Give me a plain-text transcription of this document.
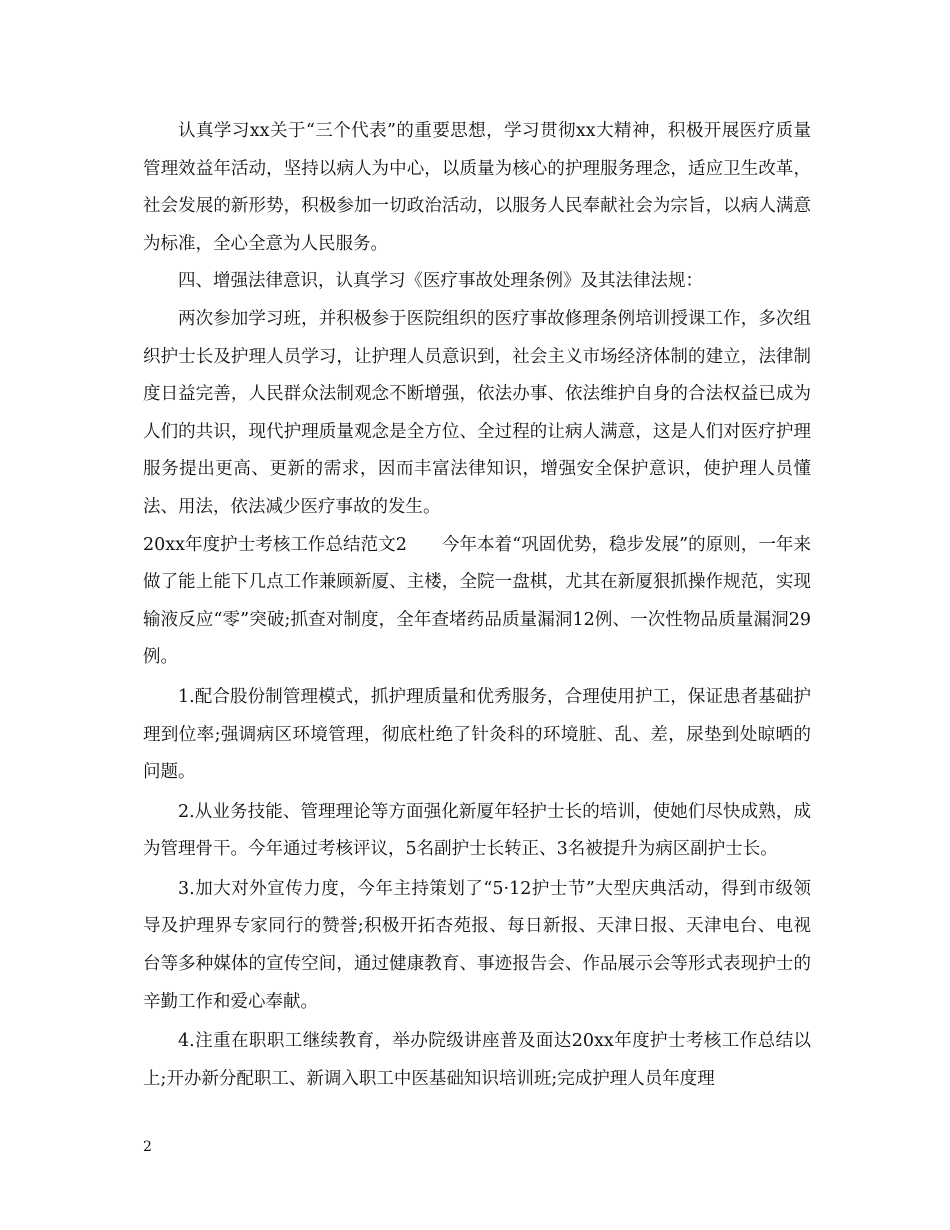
认真学习xx关于“三个代表”的重要思想，学习贯彻xx大精神，积极开展医疗质量管理效益年活动，坚持以病人为中心，以质量为核心的护理服务理念，适应卫生改革，社会发展的新形势，积极参加一切政治活动，以服务人民奉献社会为宗旨，以病人满意为标准，全心全意为人民服务。

四、增强法律意识，认真学习《医疗事故处理条例》及其法律法规：

两次参加学习班，并积极参于医院组织的医疗事故修理条例培训授课工作，多次组织护士长及护理人员学习，让护理人员意识到，社会主义市场经济体制的建立，法律制度日益完善，人民群众法制观念不断增强，依法办事、依法维护自身的合法权益已成为人们的共识，现代护理质量观念是全方位、全过程的让病人满意，这是人们对医疗护理服务提出更高、更新的需求，因而丰富法律知识，增强安全保护意识，使护理人员懂法、用法，依法减少医疗事故的发生。

20xx年度护士考核工作总结范文2　　今年本着“巩固优势，稳步发展”的原则，一年来做了能上能下几点工作兼顾新厦、主楼，全院一盘棋，尤其在新厦狠抓操作规范，实现输液反应“零”突破;抓查对制度，全年查堵药品质量漏洞12例、一次性物品质量漏洞29例。

1.配合股份制管理模式，抓护理质量和优秀服务，合理使用护工，保证患者基础护理到位率;强调病区环境管理，彻底杜绝了针灸科的环境脏、乱、差，尿垫到处晾晒的问题。

2.从业务技能、管理理论等方面强化新厦年轻护士长的培训，使她们尽快成熟，成为管理骨干。今年通过考核评议，5名副护士长转正、3名被提升为病区副护士长。

3.加大对外宣传力度，今年主持策划了“5·12护士节”大型庆典活动，得到市级领导及护理界专家同行的赞誉;积极开拓杏苑报、每日新报、天津日报、天津电台、电视台等多种媒体的宣传空间，通过健康教育、事迹报告会、作品展示会等形式表现护士的辛勤工作和爱心奉献。

4.注重在职职工继续教育，举办院级讲座普及面达20xx年度护士考核工作总结以上;开办新分配职工、新调入职工中医基础知识培训班;完成护理人员年度理

2
